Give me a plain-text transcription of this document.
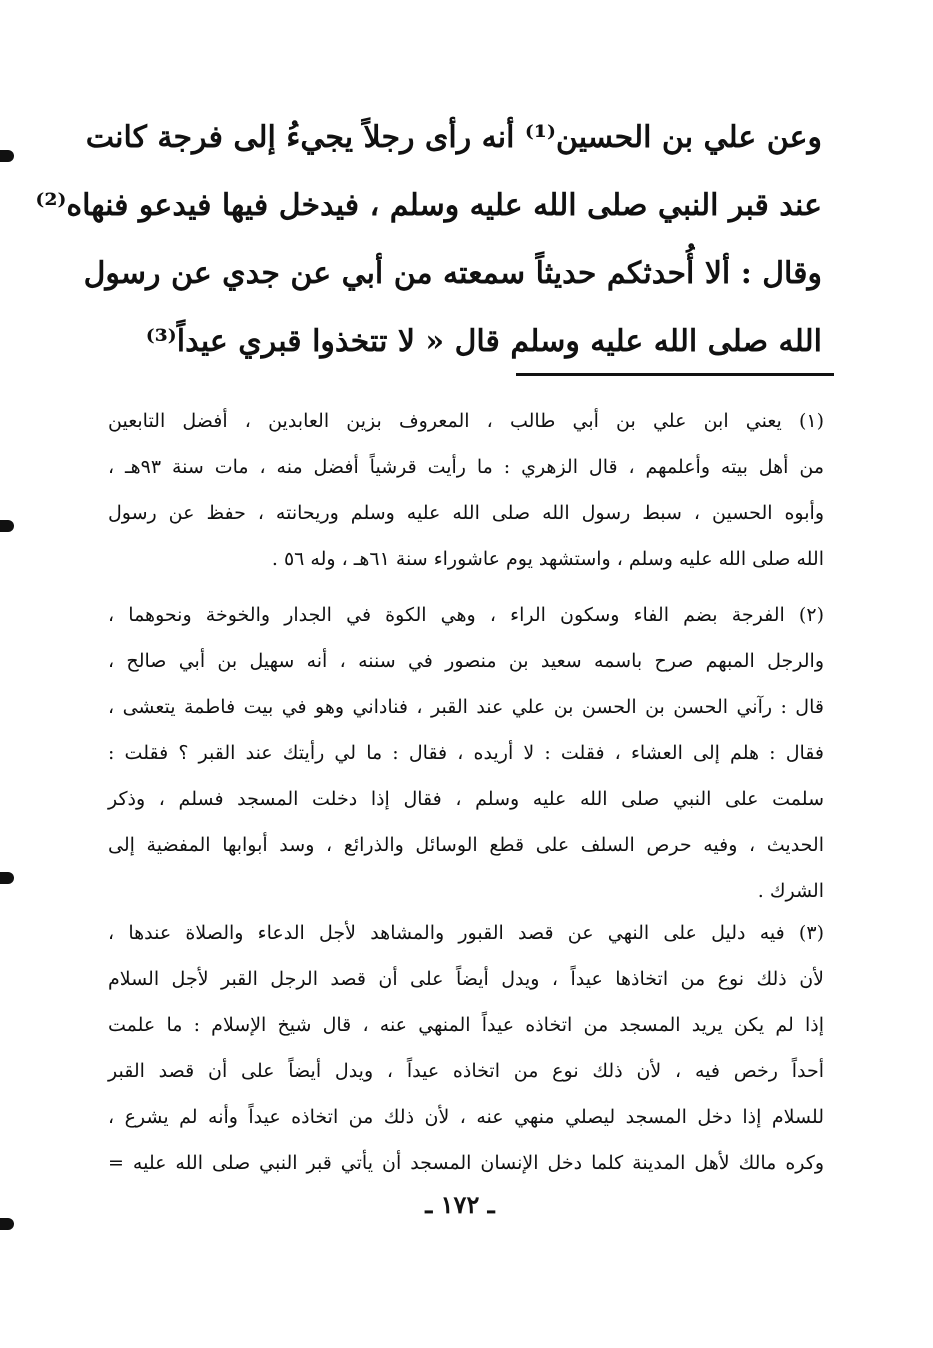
وعن علي بن الحسين⁽¹⁾ أنه رأى رجلاً يجيءُ إلى فرجة كانت
عند قبر النبي صلى الله عليه وسلم ، فيدخل فيها فيدعو فنهاه⁽²⁾
وقال : ألا أُحدثكم حديثاً سمعته من أبي عن جدي عن رسول
الله صلى الله عليه وسلم قال « لا تتخذوا قبري عيداً⁽³⁾
(١) يعني ابن علي بن أبي طالب ، المعروف بزين العابدين ، أفضل التابعين
من أهل بيته وأعلمهم ، قال الزهري : ما رأيت قرشياً أفضل منه ، مات سنة ٩٣هـ ،
وأبوه الحسين ، سبط رسول الله صلى الله عليه وسلم وريحانته ، حفظ عن رسول
الله صلى الله عليه وسلم ، واستشهد يوم عاشوراء سنة ٦١هـ ، وله ٥٦ .
(٢) الفرجة بضم الفاء وسكون الراء ، وهي الكوة في الجدار والخوخة ونحوهما ،
والرجل المبهم صرح باسمه سعيد بن منصور في سننه ، أنه سهيل بن أبي صالح ،
قال : رآني الحسن بن الحسن بن علي عند القبر ، فناداني وهو في بيت فاطمة يتعشى ،
فقال : هلم إلى العشاء ، فقلت : لا أريده ، فقال : ما لي رأيتك عند القبر ؟ فقلت :
سلمت على النبي صلى الله عليه وسلم ، فقال إذا دخلت المسجد فسلم ، وذكر
الحديث ، وفيه حرص السلف على قطع الوسائل والذرائع ، وسد أبوابها المفضية إلى
الشرك .
(٣) فيه دليل على النهي عن قصد القبور والمشاهد لأجل الدعاء والصلاة عندها ،
لأن ذلك نوع من اتخاذها عيداً ، ويدل أيضاً على أن قصد الرجل القبر لأجل السلام
إذا لم يكن يريد المسجد من اتخاذه عيداً المنهي عنه ، قال شيخ الإسلام : ما علمت
أحداً رخص فيه ، لأن ذلك نوع من اتخاذه عيداً ، ويدل أيضاً على أن قصد القبر
للسلام إذا دخل المسجد ليصلي منهي عنه ، لأن ذلك من اتخاذه عيداً وأنه لم يشرع ،
وكره مالك لأهل المدينة كلما دخل الإنسان المسجد أن يأتي قبر النبي صلى الله عليه =
ـ ١٧٢ ـ
